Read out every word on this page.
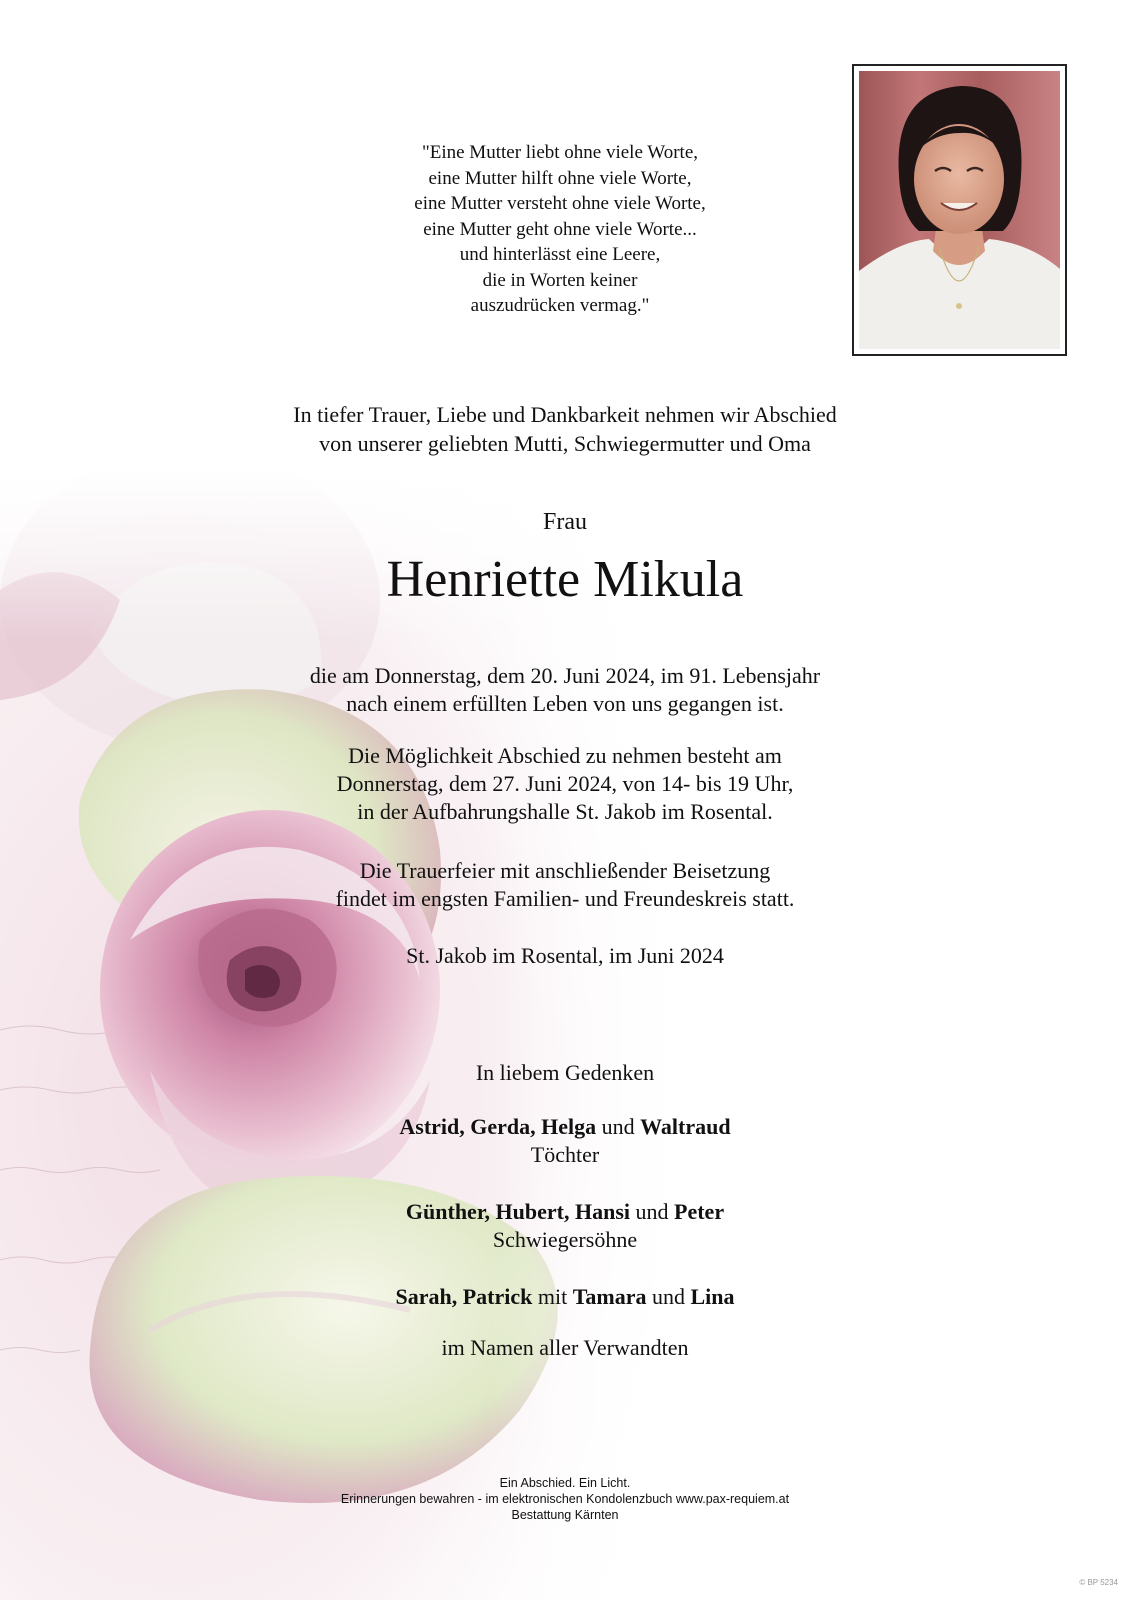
"Eine Mutter liebt ohne viele Worte,
eine Mutter hilft ohne viele Worte,
eine Mutter versteht ohne viele Worte,
eine Mutter geht ohne viele Worte...
und hinterlässt eine Leere,
die in Worten keiner
auszudrücken vermag."

In tiefer Trauer, Liebe und Dankbarkeit nehmen wir Abschied
von unserer geliebten Mutti, Schwiegermutter und Oma

Frau

Henriette Mikula

die am Donnerstag, dem 20. Juni 2024, im 91. Lebensjahr
nach einem erfüllten Leben von uns gegangen ist.

Die Möglichkeit Abschied zu nehmen besteht am
Donnerstag, dem 27. Juni 2024, von 14- bis 19 Uhr,
in der Aufbahrungshalle St. Jakob im Rosental.

Die Trauerfeier mit anschließender Beisetzung
findet im engsten Familien- und Freundeskreis statt.

St. Jakob im Rosental, im Juni 2024

In liebem Gedenken

Astrid, Gerda, Helga und Waltraud
Töchter

Günther, Hubert, Hansi und Peter
Schwiegersöhne

Sarah, Patrick mit Tamara und Lina

im Namen aller Verwandten

Ein Abschied. Ein Licht.
Erinnerungen bewahren - im elektronischen Kondolenzbuch www.pax-requiem.at
Bestattung Kärnten
© BP 5234
